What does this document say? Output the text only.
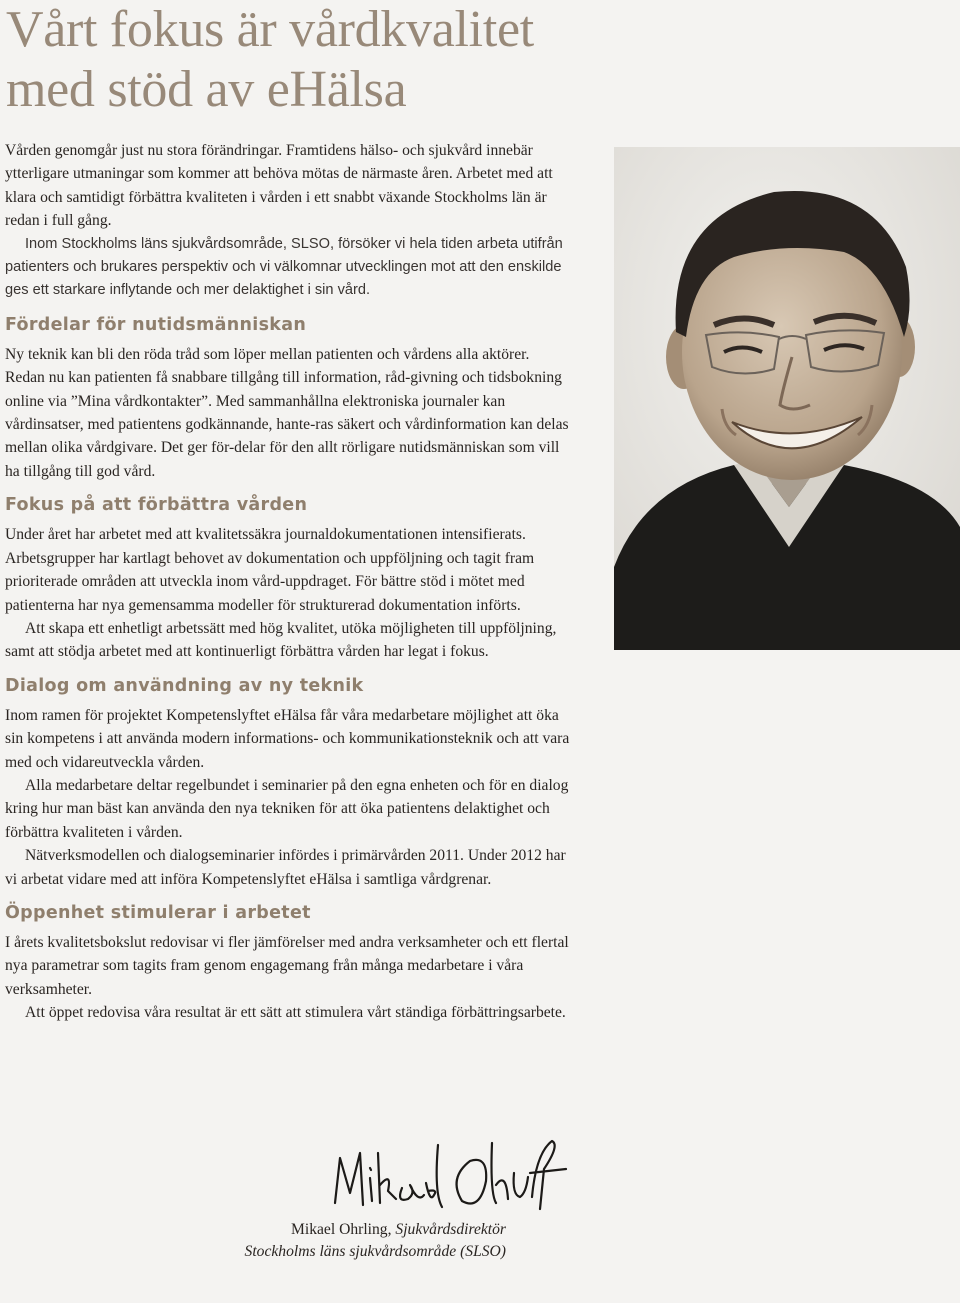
Vårt fokus är vårdkvalitet
med stöd av eHälsa

Vården genomgår just nu stora förändringar. Framtidens hälso- och sjukvård innebär ytterligare utmaningar som kommer att behöva mötas de närmaste åren. Arbetet med att klara och samtidigt förbättra kvaliteten i vården i ett snabbt växande Stockholms län är redan i full gång.

Inom Stockholms läns sjukvårdsområde, SLSO, försöker vi hela tiden arbeta utifrån patienters och brukares perspektiv och vi välkomnar utvecklingen mot att den enskilde ges ett starkare inflytande och mer delaktighet i sin vård.

Fördelar för nutidsmänniskan

Ny teknik kan bli den röda tråd som löper mellan patienten och vårdens alla aktörer. Redan nu kan patienten få snabbare tillgång till information, råd-givning och tidsbokning online via ”Mina vårdkontakter”. Med sammanhållna elektroniska journaler kan vårdinsatser, med patientens godkännande, hante-ras säkert och vårdinformation kan delas mellan olika vårdgivare. Det ger för-delar för den allt rörligare nutidsmänniskan som vill ha tillgång till god vård.

Fokus på att förbättra vården

Under året har arbetet med att kvalitetssäkra journaldokumentationen intensifierats. Arbetsgrupper har kartlagt behovet av dokumentation och uppföljning och tagit fram prioriterade områden att utveckla inom vård-uppdraget. För bättre stöd i mötet med patienterna har nya gemensamma modeller för strukturerad dokumentation införts.

Att skapa ett enhetligt arbetssätt med hög kvalitet, utöka möjligheten till uppföljning, samt att stödja arbetet med att kontinuerligt förbättra vården har legat i fokus.

Dialog om användning av ny teknik

Inom ramen för projektet Kompetenslyftet eHälsa får våra medarbetare möjlighet att öka sin kompetens i att använda modern informations- och kommunikationsteknik och att vara med och vidareutveckla vården.

Alla medarbetare deltar regelbundet i seminarier på den egna enheten och för en dialog kring hur man bäst kan använda den nya tekniken för att öka patientens delaktighet och förbättra kvaliteten i vården.

Nätverksmodellen och dialogseminarier infördes i primärvården 2011. Under 2012 har vi arbetat vidare med att införa Kompetenslyftet eHälsa i samtliga vårdgrenar.

Öppenhet stimulerar i arbetet

I årets kvalitetsbokslut redovisar vi fler jämförelser med andra verksamheter och ett flertal nya parametrar som tagits fram genom engagemang från många medarbetare i våra verksamheter.

Att öppet redovisa våra resultat är ett sätt att stimulera vårt ständiga förbättringsarbete.

Mikael Ohrling, Sjukvårdsdirektör
Stockholms läns sjukvårdsområde (SLSO)
